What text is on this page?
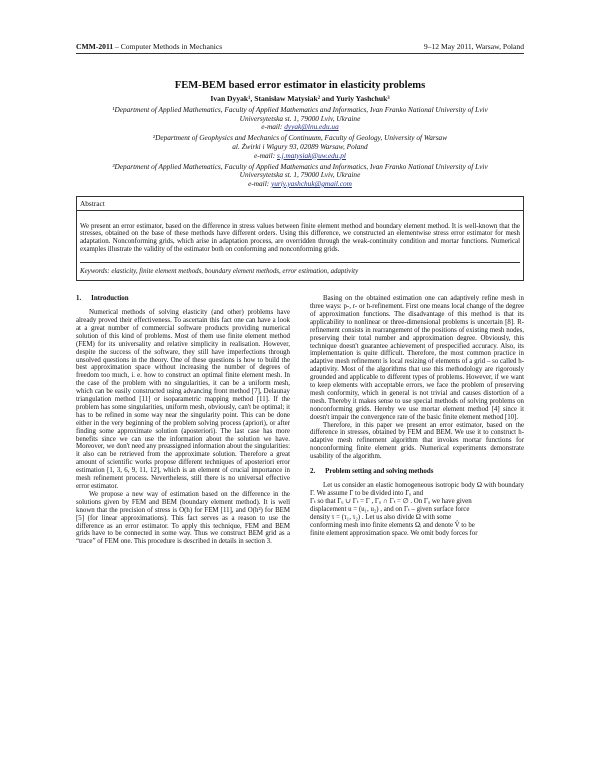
CMM-2011 – Computer Methods in Mechanics	9–12 May 2011, Warsaw, Poland
FEM-BEM based error estimator in elasticity problems
Ivan Dyyak¹, Stanisław Matysiak² and Yuriy Yashchuk³
¹Department of Applied Mathematics, Faculty of Applied Mathematics and Informatics, Ivan Franko National University of Lviv
Universytetska st. 1, 79000 Lviv, Ukraine
e-mail: dyyak@lnu.edu.ua
²Department of Geophysics and Mechanics of Continuum, Faculty of Geology, University of Warsaw
al. Żwirki i Wigury 93, 02089 Warsaw, Poland
e-mail: s.j.matysiak@uw.edu.pl
³Department of Applied Mathematics, Faculty of Applied Mathematics and Informatics, Ivan Franko National University of Lviv
Universytetska st. 1, 79000 Lviv, Ukraine
e-mail: yuriy.yashchuk@gmail.com
Abstract

We present an error estimator, based on the difference in stress values between finite element method and boundary element method. It is well-known that the stresses, obtained on the base of these methods have different orders. Using this difference, we constructed an elementwise stress error estimator for mesh adaptation. Nonconforming grids, which arise in adaptation process, are overridden through the weak-continuity condition and mortar functions. Numerical examples illustrate the validity of the estimator both on conforming and nonconforming grids.

Keywords: elasticity, finite element methods, boundary element methods, error estimation, adaptivity

1. Introduction

Numerical methods of solving elasticity (and other) problems have already proved their effectiveness. To ascertain this fact one can have a look at a great number of commercial software products providing numerical solution of this kind of problems. Most of them use finite element method (FEM) for its universality and relative simplicity in realisation. However, despite the success of the software, they still have imperfections through unsolved questions in the theory. One of these questions is how to build the best approximation space without increasing the number of degrees of freedom too much, i. e. how to construct an optimal finite element mesh. In the case of the problem with no singularities, it can be a uniform mesh, which can be easily constructed using advancing front method [7], Delaunay triangulation method [11] or isoparametric mapping method [11]. If the problem has some singularities, uniform mesh, obviously, can't be optimal; it has to be refined in some way near the singularity point. This can be done either in the very beginning of the problem solving process (apriori), or after finding some approximate solution (aposteriori). The last case has more benefits since we can use the information about the solution we have. Moreover, we don't need any preassigned information about the singularities: it also can be retrieved from the approximate solution. Therefore a great amount of scientific works propose different techniques of aposteriori error estimation [1, 3, 6, 9, 11, 12], which is an element of crucial importance in mesh refinement process. Nevertheless, still there is no universal effective error estimator.

We propose a new way of estimation based on the difference in the solutions given by FEM and BEM (boundary element method). It is well known that the precision of stress is O(h) for FEM [11], and O(h²) for BEM [5] (for linear approximations). This fact serves as a reason to use the difference as an error estimator. To apply this technique, FEM and BEM grids have to be connected in some way. Thus we construct BEM grid as a “trace” of FEM one. This procedure is described in details in section 3.

Basing on the obtained estimation one can adaptively refine mesh in three ways: p-, r- or h-refinement. First one means local change of the degree of approximation functions. The disadvantage of this method is that its applicability to nonlinear or three-dimensional problems is uncertain [8]. R-refinement consists in rearrangement of the positions of existing mesh nodes, preserving their total number and approximation degree. Obviously, this technique doesn't guarantee achievement of prespecified accuracy. Also, its implementation is quite difficult. Therefore, the most common practice in adaptive mesh refinement is local resizing of elements of a grid – so called h-adaptivity. Most of the algorithms that use this methodology are rigorously grounded and applicable to different types of problems. However, if we want to keep elements with acceptable errors, we face the problem of preserving mesh conformity, which in general is not trivial and causes distortion of a mesh. Thereby it makes sense to use special methods of solving problems on nonconforming grids. Hereby we use mortar element method [4] since it doesn't impair the convergence rate of the basic finite element method [10].

Therefore, in this paper we present an error estimator, based on the difference in stresses, obtained by FEM and BEM. We use it to construct h-adaptive mesh refinement algorithm that invokes mortar functions for nonconforming finite element grids. Numerical experiments demonstrate usability of the algorithm.

2. Problem setting and solving methods

Let us consider an elastic homogeneous isotropic body Ω with boundary Γ. We assume Γ to be divided into Γᵤ and

Γₜ so that Γᵤ ∪ Γₜ = Γ , Γᵤ ∩ Γₜ = ∅ . On Γᵤ we have given

displacement u = (u₁, u₂) , and on Γₜ – given surface force

density τ = (τ₁, τ₂) . Let us also divide Ω with some

conforming mesh into finite elements Ωᵢ and denote V̂ to be

finite element approximation space. We omit body forces for
